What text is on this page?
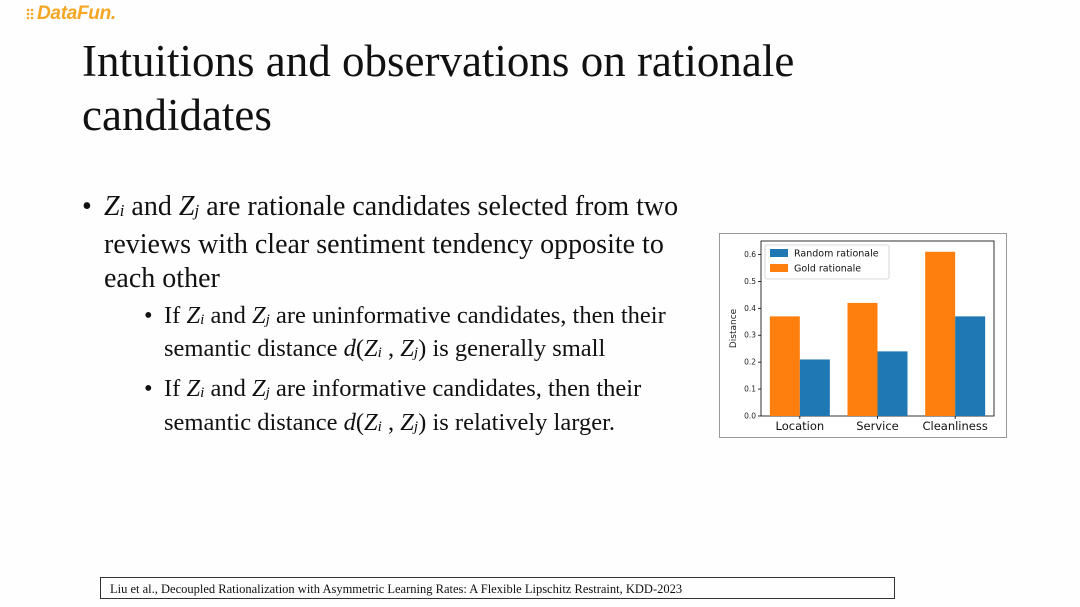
DataFun.
Intuitions and observations on rationale candidates
• Zi and Zj are rationale candidates selected from two reviews with clear sentiment tendency opposite to each other
• If Zi and Zj are uninformative candidates, then their semantic distance d(Zi , Zj) is generally small
• If Zi and Zj are informative candidates, then their semantic distance d(Zi , Zj) is relatively larger.	0.0
0.1
0.2
0.3
0.4
0.5
0.6
Distance
Location	Service Cleanliness
Random rationale
Gold rationale
Liu et al., Decoupled Rationalization with Asymmetric Learning Rates: A Flexible Lipschitz Restraint, KDD-2023
